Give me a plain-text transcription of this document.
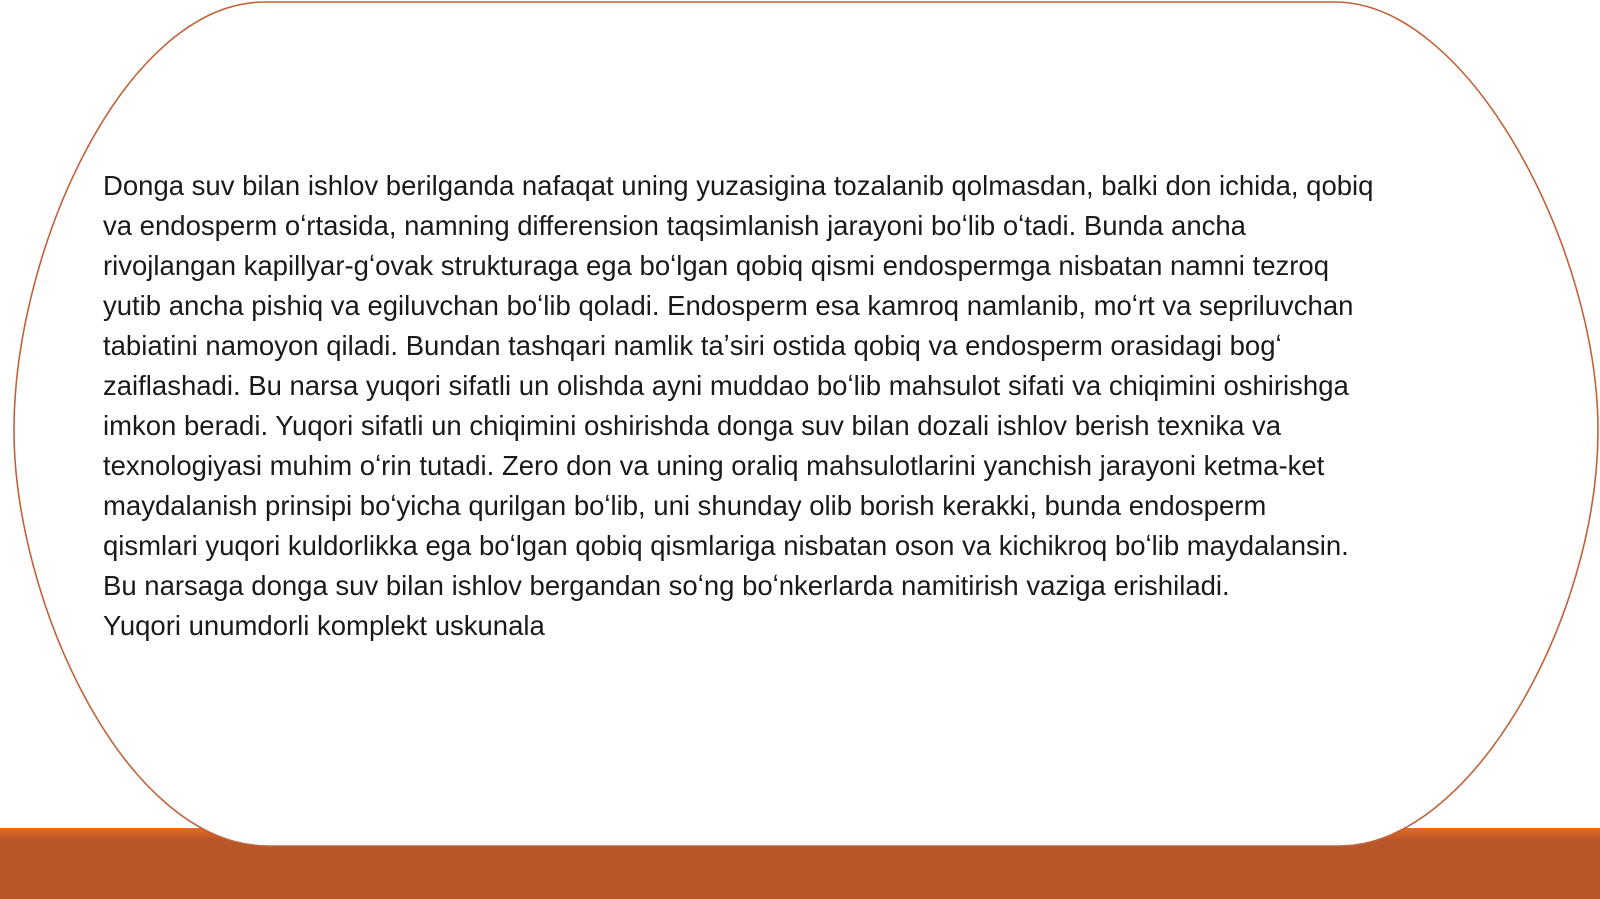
Donga suv bilan ishlov berilganda nafaqat uning yuzasigina tozalanib qolmasdan, balki don ichida, qobiq

va endosperm oʻrtasida, namning differension taqsimlanish jarayoni boʻlib oʻtadi. Bunda ancha

rivojlangan kapillyar-gʻovak strukturaga ega boʻlgan qobiq qismi endospermga nisbatan namni tezroq

yutib ancha pishiq va egiluvchan boʻlib qoladi. Endosperm esa kamroq namlanib, moʻrt va sepriluvchan

tabiatini namoyon qiladi. Bundan tashqari namlik taʼsiri ostida qobiq va endosperm orasidagi bogʻ

zaiflashadi. Bu narsa yuqori sifatli un olishda ayni muddao boʻlib mahsulot sifati va chiqimini oshirishga

imkon beradi. Yuqori sifatli un chiqimini oshirishda donga suv bilan dozali ishlov berish texnika va

texnologiyasi muhim oʻrin tutadi. Zero don va uning oraliq mahsulotlarini yanchish jarayoni ketma-ket

maydalanish prinsipi boʻyicha qurilgan boʻlib, uni shunday olib borish kerakki, bunda endosperm

qismlari yuqori kuldorlikka ega boʻlgan qobiq qismlariga nisbatan oson va kichikroq boʻlib maydalansin.

Bu narsaga donga suv bilan ishlov bergandan soʻng boʻnkerlarda namitirish vaziga erishiladi.

Yuqori unumdorli komplekt uskunala
